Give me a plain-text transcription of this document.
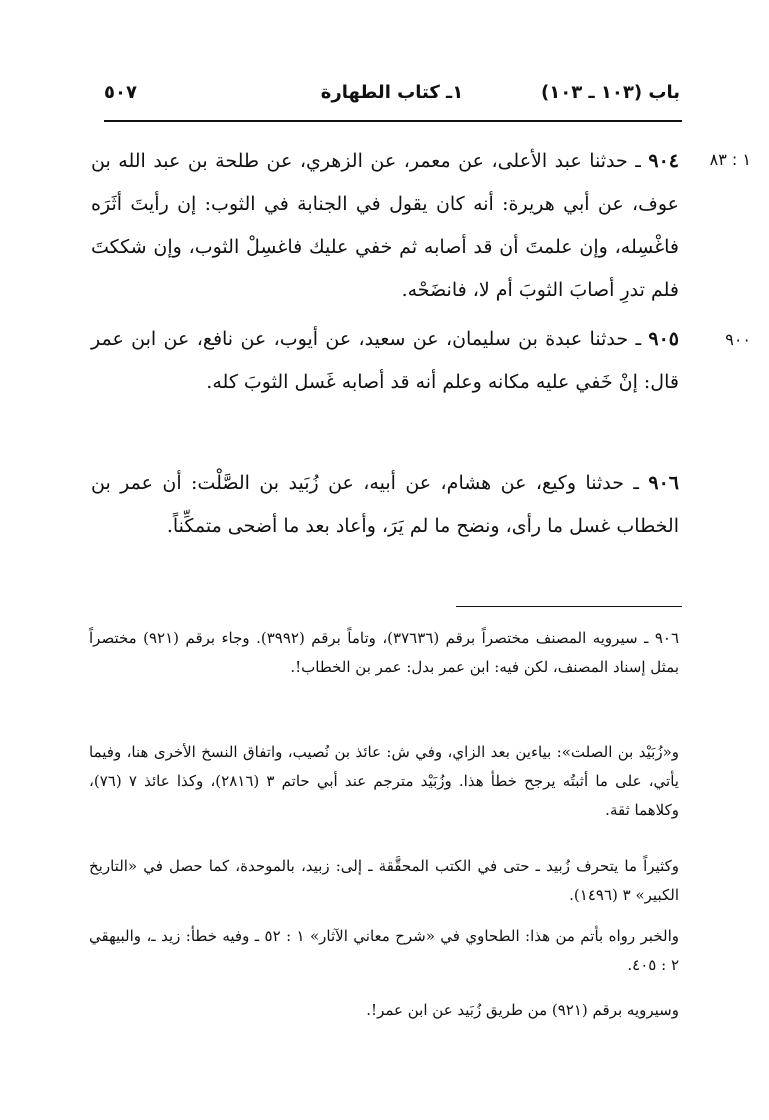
باب (١٠٣ ـ ١٠٣)
١ـ كتاب الطهارة
٥٠٧
١ : ٨٣
٩٠٤ ـ حدثنا عبد الأعلى، عن معمر، عن الزهري، عن طلحة بن عبد الله بن عوف، عن أبي هريرة: أنه كان يقول في الجنابة في الثوب: إن رأيتَ أثَرَه فاغْسِله، وإن علمتَ أن قد أصابه ثم خفي عليك فاغسِلْ الثوب، وإن شككتَ فلم تدرِ أصابَ الثوبَ أم لا، فانضَحْه.
٩٠٠
٩٠٥ ـ حدثنا عبدة بن سليمان، عن سعيد، عن أيوب، عن نافع، عن ابن عمر قال: إنْ خَفي عليه مكانه وعلم أنه قد أصابه غَسل الثوبَ كله.
٩٠٦ ـ حدثنا وكيع، عن هشام، عن أبيه، عن زُبَيد بن الصَّلْت: أن عمر بن الخطاب غسل ما رأى، ونضح ما لم يَرَ، وأعاد بعد ما أضحى متمكِّناً.
٩٠٦ ـ سيرويه المصنف مختصراً برقم (٣٧٦٣٦)، وتاماً برقم (٣٩٩٢). وجاء برقم (٩٢١) مختصراً بمثل إسناد المصنف، لكن فيه: ابن عمر بدل: عمر بن الخطاب!.
و«زُبَيْد بن الصلت»: بياءين بعد الزاي، وفي ش: عائذ بن نُصيب، واتفاق النسخ الأخرى هنا، وفيما يأتي، على ما أثبتُه يرجح خطأ هذا. وزُبَيْد مترجم عند أبي حاتم ٣ (٢٨١٦)، وكذا عائذ ٧ (٧٦)، وكلاهما ثقة.
وكثيراً ما يتحرف زُبيد ـ حتى في الكتب المحقَّقة ـ إلى: زبيد، بالموحدة، كما حصل في «التاريخ الكبير» ٣ (١٤٩٦).
والخبر رواه بأتم من هذا: الطحاوي في «شرح معاني الآثار» ١ : ٥٢ ـ وفيه خطأ: زيد ـ، والبيهقي ٢ : ٤٠٥.
وسيرويه برقم (٩٢١) من طريق زُبَيد عن ابن عمر!.
